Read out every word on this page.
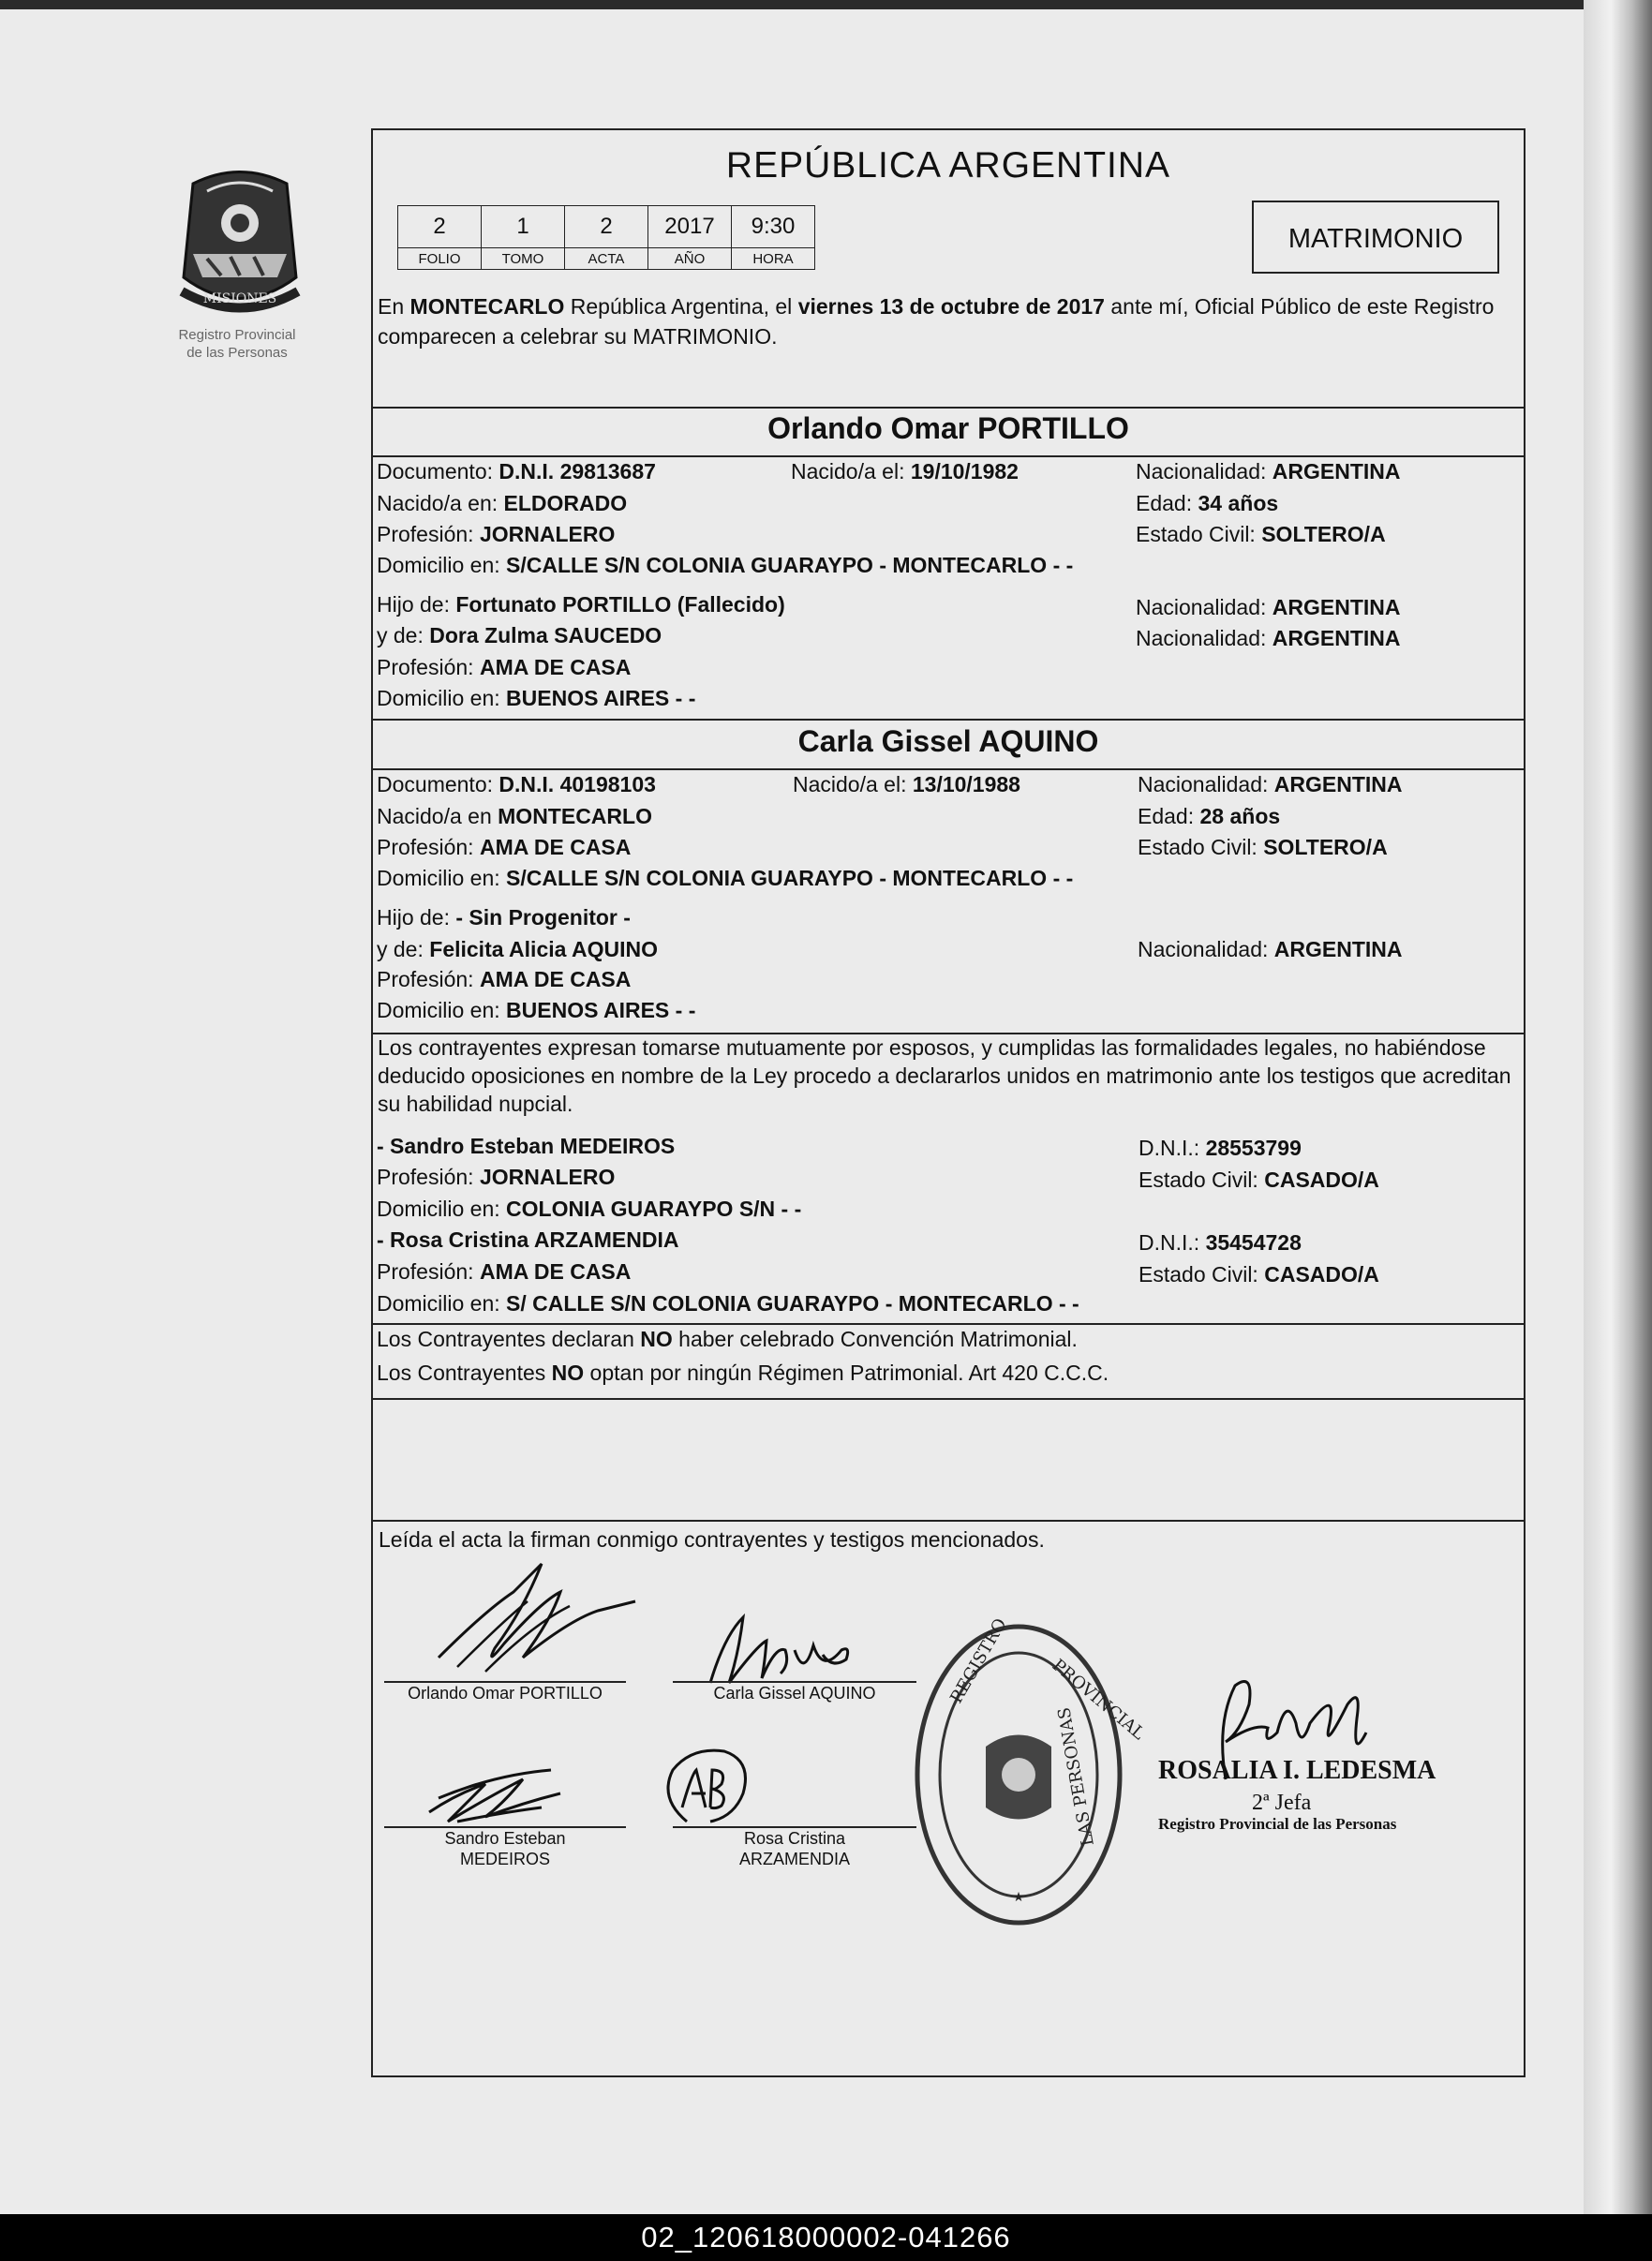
MISIONES
Registro Provincial
de las Personas
REPÚBLICA ARGENTINA
2	1	2	2017	9:30
FOLIO	TOMO	ACTA	AÑO	HORA
MATRIMONIO
En MONTECARLO República Argentina, el viernes 13 de octubre de 2017 ante mí, Oficial Público de este Registro comparecen a celebrar su MATRIMONIO.
Orlando Omar PORTILLO
Documento: D.N.I. 29813687	Nacido/a el: 19/10/1982	Nacionalidad: ARGENTINA
Nacido/a en: ELDORADO	Edad: 34 años
Profesión: JORNALERO	Estado Civil: SOLTERO/A
Domicilio en: S/CALLE S/N COLONIA GUARAYPO - MONTECARLO - -
Hijo de: Fortunato PORTILLO (Fallecido)	Nacionalidad: ARGENTINA
y de: Dora Zulma SAUCEDO	Nacionalidad: ARGENTINA
Profesión: AMA DE CASA
Domicilio en: BUENOS AIRES - -
Carla Gissel AQUINO
Documento: D.N.I. 40198103	Nacido/a el: 13/10/1988	Nacionalidad: ARGENTINA
Nacido/a en MONTECARLO	Edad: 28 años
Profesión: AMA DE CASA	Estado Civil: SOLTERO/A
Domicilio en: S/CALLE S/N COLONIA GUARAYPO - MONTECARLO - -
Hijo de: - Sin Progenitor -
y de: Felicita Alicia AQUINO	Nacionalidad: ARGENTINA
Profesión: AMA DE CASA
Domicilio en: BUENOS AIRES - -
Los contrayentes expresan tomarse mutuamente por esposos, y cumplidas las formalidades legales, no habiéndose deducido oposiciones en nombre de la Ley procedo a declararlos unidos en matrimonio ante los testigos que acreditan su habilidad nupcial.
- Sandro Esteban MEDEIROS	D.N.I.: 28553799
Profesión: JORNALERO	Estado Civil: CASADO/A
Domicilio en: COLONIA GUARAYPO S/N - -
- Rosa Cristina ARZAMENDIA	D.N.I.: 35454728
Profesión: AMA DE CASA	Estado Civil: CASADO/A
Domicilio en: S/ CALLE S/N COLONIA GUARAYPO - MONTECARLO - -
Los Contrayentes declaran NO haber celebrado Convención Matrimonial.
Los Contrayentes NO optan por ningún Régimen Patrimonial. Art 420 C.C.C.
Leída el acta la firman conmigo contrayentes y testigos mencionados.
Orlando Omar PORTILLO	Carla Gissel AQUINO
Sandro Esteban
MEDEIROS
Rosa Cristina
ARZAMENDIA
REGISTRO PROVINCIAL
LAS PERSONAS
★
ROSALIA I. LEDESMA
2ª Jefa
Registro Provincial de las Personas
02_120618000002-041266
